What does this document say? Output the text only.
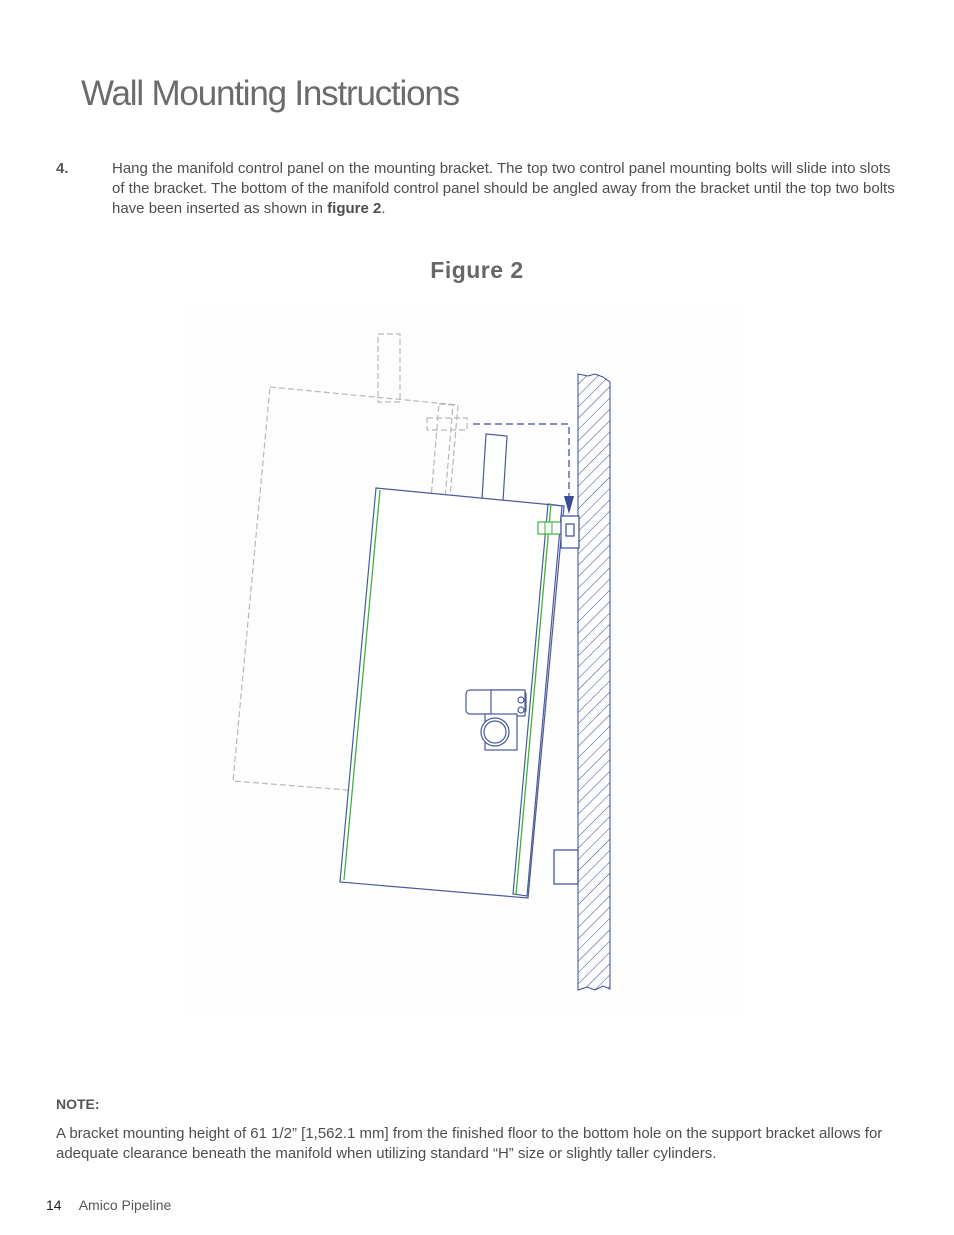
Wall Mounting Instructions
4.	Hang the manifold control panel on the mounting bracket. The top two control panel mounting bolts will slide into slots of the bracket. The bottom of the manifold control panel should be angled away from the bracket until the top two bolts have been inserted as shown in figure 2.

Figure 2
NOTE:

A bracket mounting height of 61 1/2” [1,562.1 mm] from the finished floor to the bottom hole on the support bracket allows for adequate clearance beneath the manifold when utilizing standard “H” size or slightly taller cylinders.

14 Amico Pipeline
